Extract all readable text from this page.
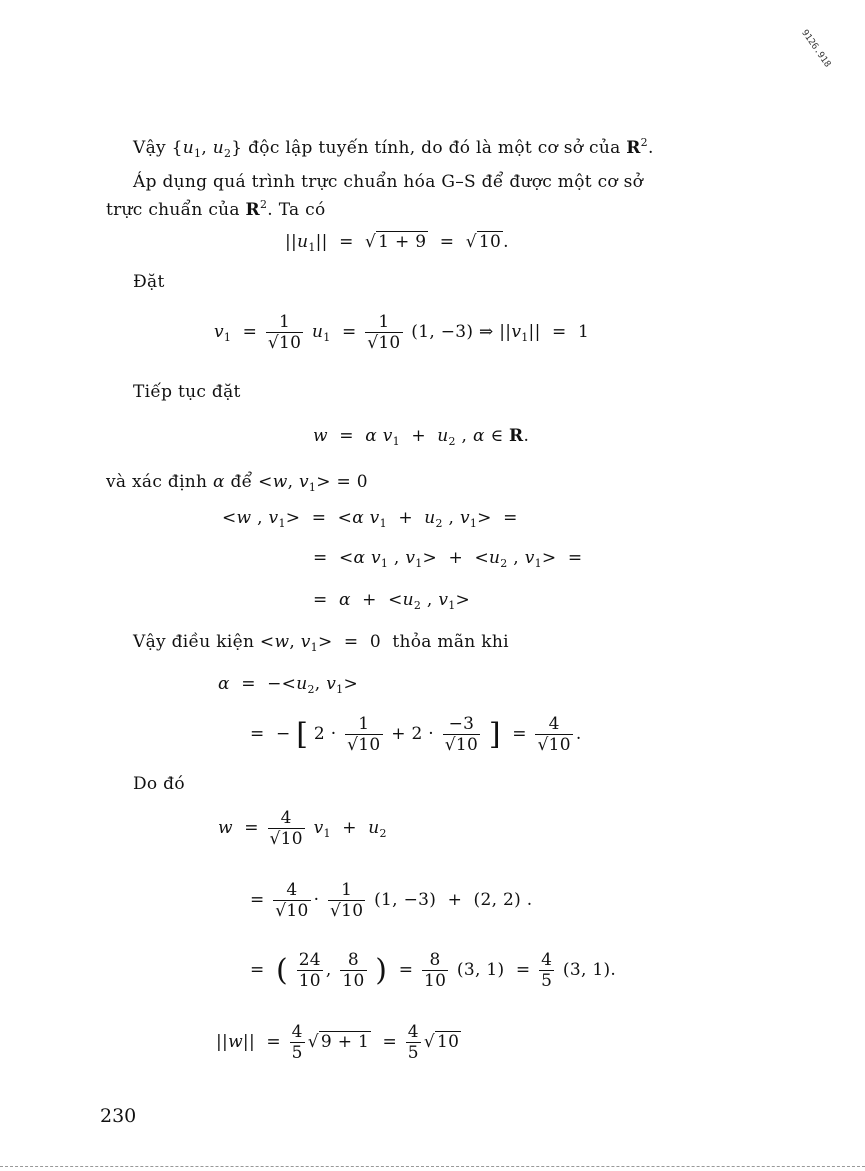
9126.918
Vậy {$u_1$, $u_2$} độc lập tuyến tính, do đó là một cơ sở của $R^2$.
Áp dụng quá trình trực chuẩn hóa G–S để được một cơ sở
trực chuẩn của $R^2$. Ta có
$||u_1||$  =  √ 1 + 9  =  √ 10 .
Đặt
$v_1 = \frac{1}{√10} u_1 = \frac{1}{√10} (1$, −3) ⇒ $||v_1|| = 1$
Tiếp tục đặt
w  =  α $v_1 + u_2$ , α ∈ R.
và xác định α để <w, $v_1> = 0$
<w , $v_1> = <\alpha$ $v_1 + u_2$ , $v_1>$  =
=  <α $v_1$ , $v_1> + <u_2$ , $v_1>$  =
=  $\alpha + <u_2$ , $v_1>$
Vậy điều kiện <w, $v_1> = 0$  thỏa mãn khi
$\alpha = -<u_2$, $v_1>$
=  − [ $2 \cdot \frac{1}{√10} + 2 \cdot \frac{-3}{√10}$ ]  = $\frac{4}{√10}$ .
Do đó
$w = \frac{4}{√10} v_1 + u_2$
= $\frac{4}{√10} \cdot \frac{1}{√10} (1$, −3)  +  (2, 2) .
=  ( $\frac{24}{10}$ , $\frac{8}{10}$ )  = $\frac{8}{10} (3$, $1) = \frac{4}{5} (3$, 1).
$||w|| = \frac{4}{5}$ √ $9 + 1 = \frac{4}{5}$ √ 10
230
